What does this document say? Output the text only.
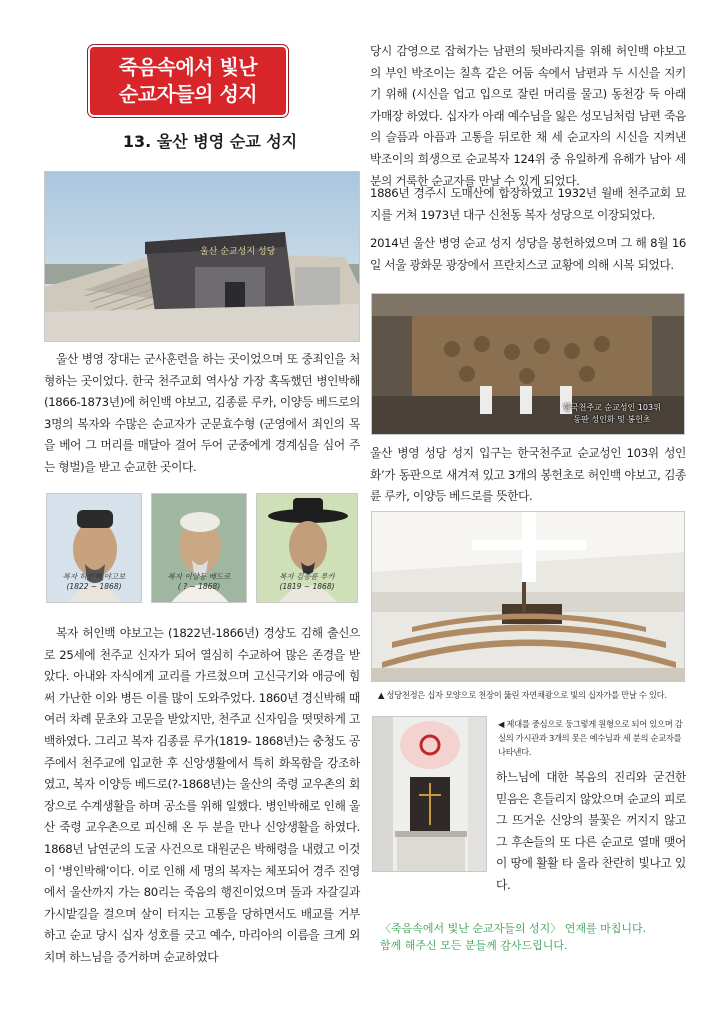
죽음속에서 빛난
순교자들의 성지
13. 울산 병영 순교 성지
울산 순교성지 성당
울산 병영 장대는 군사훈련을 하는 곳이었으며 또 중죄인을 처형하는 곳이었다. 한국 천주교회 역사상 가장 혹독했던 병인박해(1866-1873년)에 허인백 야보고, 김종륜 루카, 이양등 베드로의 3명의 복자와 수많은 순교자가 군문효수형 (군영에서 죄인의 목을 베어 그 머리를 매달아 걸어 두어 군중에게 경계심을 심어 주는 형벌)을 받고 순교한 곳이다.
복자 허인백 야고보
(1822 ~ 1868)
복자 이양등 베드로
( ? ~ 1868)
복자 김종륜 루카
(1819 ~ 1868)
복자 허인백 야보고는 (1822년-1866년) 경상도 김해 출신으로 25세에 천주교 신자가 되어 열심히 수교하여 많은 존경을 받았다. 아내와 자식에게 교리를 가르쳤으며 고신극기와 애긍에 힘써 가난한 이와 병든 이를 많이 도와주었다. 1860년 경신박해 때 여러 차례 문초와 고문을 받았지만, 천주교 신자임을 떳떳하게 고백하였다. 그리고 복자 김종륜 루가(1819- 1868년)는 충청도 공주에서 천주교에 입교한 후 신앙생활에서 특히 화목함을 강조하였고, 복자 이양등 베드로(?-1868년)는 울산의 죽령 교우촌의 회장으로 수계생활을 하며 공소를 위해 일했다. 병인박해로 인해 울산 죽령 교우촌으로 피신해 온 두 분을 만나 신앙생활을 하였다. 1868년 남연군의 도굴 사건으로 대원군은 박해령을 내렸고 이것이 ‘병인박해’이다. 이로 인해 세 명의 복자는 체포되어 경주 진영에서 울산까지 가는 80리는 죽음의 행진이었으며 돌과 자갈길과 가시밭길을 걸으며 살이 터지는 고통을 당하면서도 배교를 거부하고 순교 당시 십자 성호를 긋고 예수, 마리아의 이름을 크게 외치며 하느님을 증거하며 순교하였다
당시 감영으로 잡혀가는 남편의 뒷바라지를 위해 허인백 야보고의 부인 박조이는 칠흑 같은 어둠 속에서 남편과 두 시신을 지키기 위해 (시신을 업고 입으로 잘린 머리를 물고) 동천강 둑 아래 가매장 하였다. 십자가 아래 예수님을 잃은 성모님처럼 남편 죽음의 슬픔과 아픔과 고통을 뒤로한 채 세 순교자의 시신을 지켜낸 박조이의 희생으로 순교복자 124위 중 유일하게 유해가 남아 세 분의 거룩한 순교자를 만날 수 있게 되었다.
1886년 경주시 도매산에 합장하였고 1932년 월배 천주교회 묘지를 거쳐 1973년 대구 신천동 복자 성당으로 이장되었다.
2014년 울산 병영 순교 성지 성당을 봉헌하였으며 그 해 8월 16일 서울 광화문 광장에서 프란치스코 교황에 의해 시복 되었다.
한국천주교 순교성인 103위
동판 성인화 및 봉헌초
울산 병영 성당 성지 입구는 한국천주교 순교성인 103위 성인화’가 동판으로 새겨져 있고 3개의 봉헌초로 허인백 야보고, 김종륜 루카, 이양등 베드로를 뜻한다.
▲ 성당천정은 십자 모양으로 천장이 뚫린 자연채광으로 빛의 십자가를 만날 수 있다.
◀ 제대를 중심으로 둥그렇게 원형으로 되어 있으며 감실의 가시관과 3개의 못은 예수님과 세 분의 순교자를 나타낸다.
하느님에 대한 복음의 진리와 굳건한 믿음은 흔들리지 않았으며 순교의 피로 그 뜨거운 신앙의 불꽃은 꺼지지 않고 그 후손들의 또 다른 순교로 열매 맺어 이 땅에 활활 타 올라 찬란히 빛나고 있다.
〈죽음속에서 빛난 순교자들의 성지〉 연재를 마칩니다.
함께 해주신 모든 분들께 감사드립니다.
